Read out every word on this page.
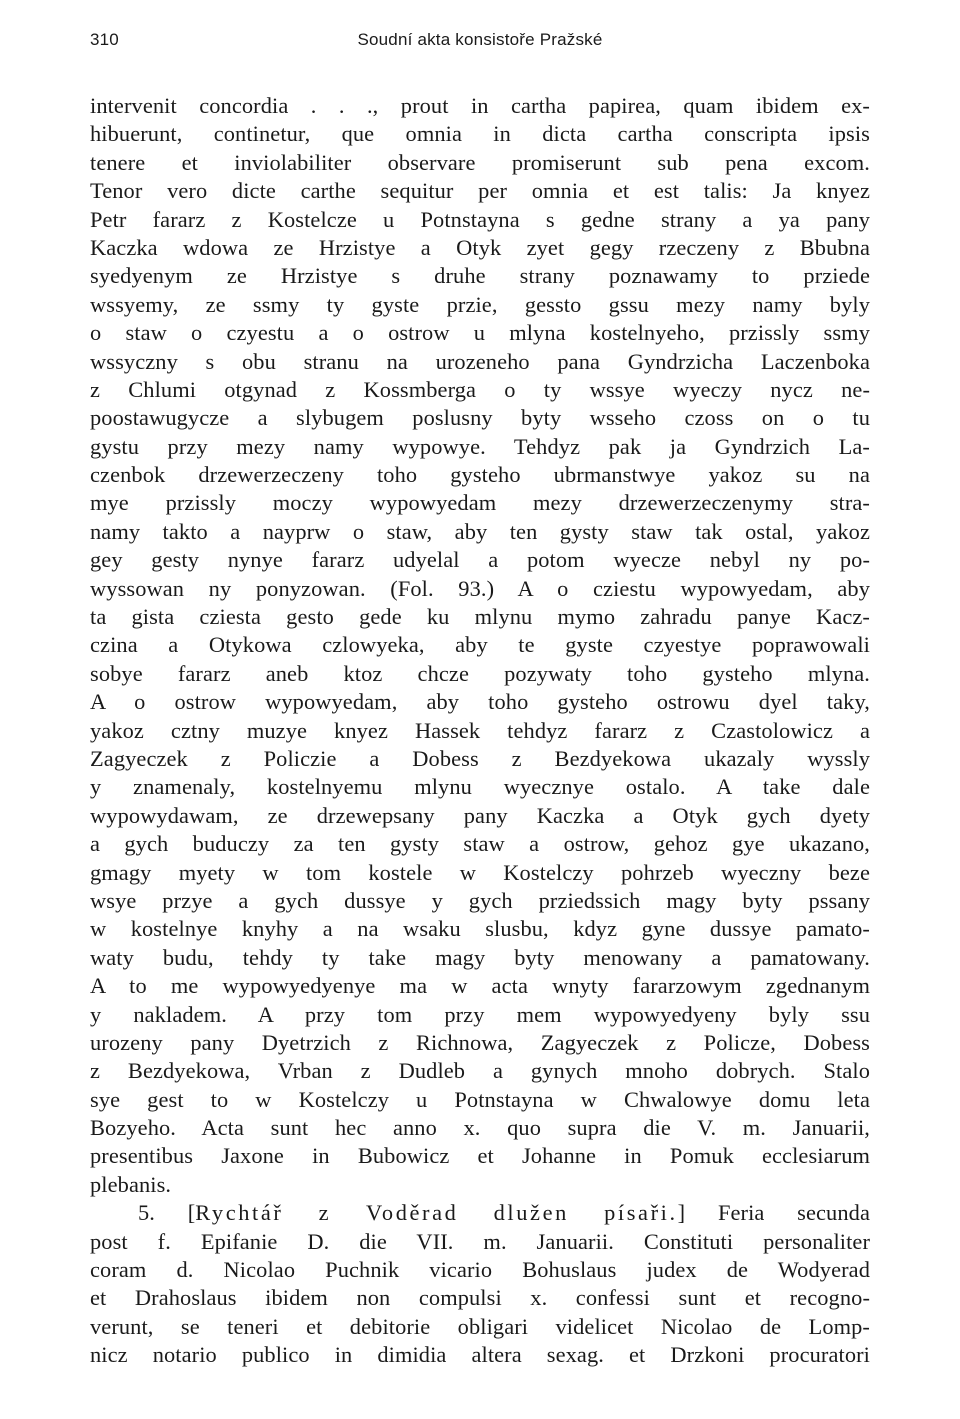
310	Soudní akta konsistoře Pražské
intervenit concordia . . ., prout in cartha papirea, quam ibidem ex-
hibuerunt, continetur, que omnia in dicta cartha conscripta ipsis
tenere et inviolabiliter observare promiserunt sub pena excom.
Tenor vero dicte carthe sequitur per omnia et est talis: Ja knyez
Petr fararz z Kostelcze u Potnstayna s gedne strany a ya pany
Kaczka wdowa ze Hrzistye a Otyk zyet gegy rzeczeny z Bbubna
syedyenym ze Hrzistye s druhe strany poznawamy to prziede
wssyemy, ze ssmy ty gyste przie, gessto gssu mezy namy byly
o staw o czyestu a o ostrow u mlyna kostelnyeho, przissly ssmy
wssyczny s obu stranu na urozeneho pana Gyndrzicha Laczenboka
z Chlumi otgynad z Kossmberga o ty wssye wyeczy nycz ne-
poostawugycze a slybugem poslusny byty wsseho czoss on o tu
gystu przy mezy namy wypowye. Tehdyz pak ja Gyndrzich La-
czenbok drzewerzeczeny toho gysteho ubrmanstwye yakoz su na
mye przissly moczy wypowyedam mezy drzewerzeczenymy stra-
namy takto a nayprw o staw, aby ten gysty staw tak ostal, yakoz
gey gesty nynye fararz udyelal a potom wyecze nebyl ny po-
wyssowan ny ponyzowan. (Fol. 93.) A o cziestu wypowyedam, aby
ta gista cziesta gesto gede ku mlynu mymo zahradu panye Kacz-
czina a Otykowa czlowyeka, aby te gyste czyestye poprawowali
sobye fararz aneb ktoz chcze pozywaty toho gysteho mlyna.
A o ostrow wypowyedam, aby toho gysteho ostrowu dyel taky,
yakoz cztny muzye knyez Hassek tehdyz fararz z Czastolowicz a
Zagyeczek z Policzie a Dobess z Bezdyekowa ukazaly wyssly
y znamenaly, kostelnyemu mlynu wyecznye ostalo. A take dale
wypowydawam, ze drzewepsany pany Kaczka a Otyk gych dyety
a gych buduczy za ten gysty staw a ostrow, gehoz gye ukazano,
gmagy myety w tom kostele w Kostelczy pohrzeb wyeczny beze
wsye przye a gych dussye y gych prziedssich magy byty pssany
w kostelnye knyhy a na wsaku slusbu, kdyz gyne dussye pamato-
waty budu, tehdy ty take magy byty menowany a pamatowany.
A to me wypowyedyenye ma w acta wnyty fararzowym zgednanym
y nakladem. A przy tom przy mem wypowyedyeny byly ssu
urozeny pany Dyetrzich z Richnowa, Zagyeczek z Policze, Dobess
z Bezdyekowa, Vrban z Dudleb a gynych mnoho dobrych. Stalo
sye gest to w Kostelczy u Potnstayna w Chwalowye domu leta
Bozyeho. Acta sunt hec anno x. quo supra die V. m. Januarii,
presentibus Jaxone in Bubowicz et Johanne in Pomuk ecclesiarum
plebanis.
5. [Rychtář z Voděrad dlužen písaři.] Feria secunda
post f. Epifanie D. die VII. m. Januarii. Constituti personaliter
coram d. Nicolao Puchnik vicario Bohuslaus judex de Wodyerad
et Drahoslaus ibidem non compulsi x. confessi sunt et recogno-
verunt, se teneri et debitorie obligari videlicet Nicolao de Lomp-
nicz notario publico in dimidia altera sexag. et Drzkoni procuratori
